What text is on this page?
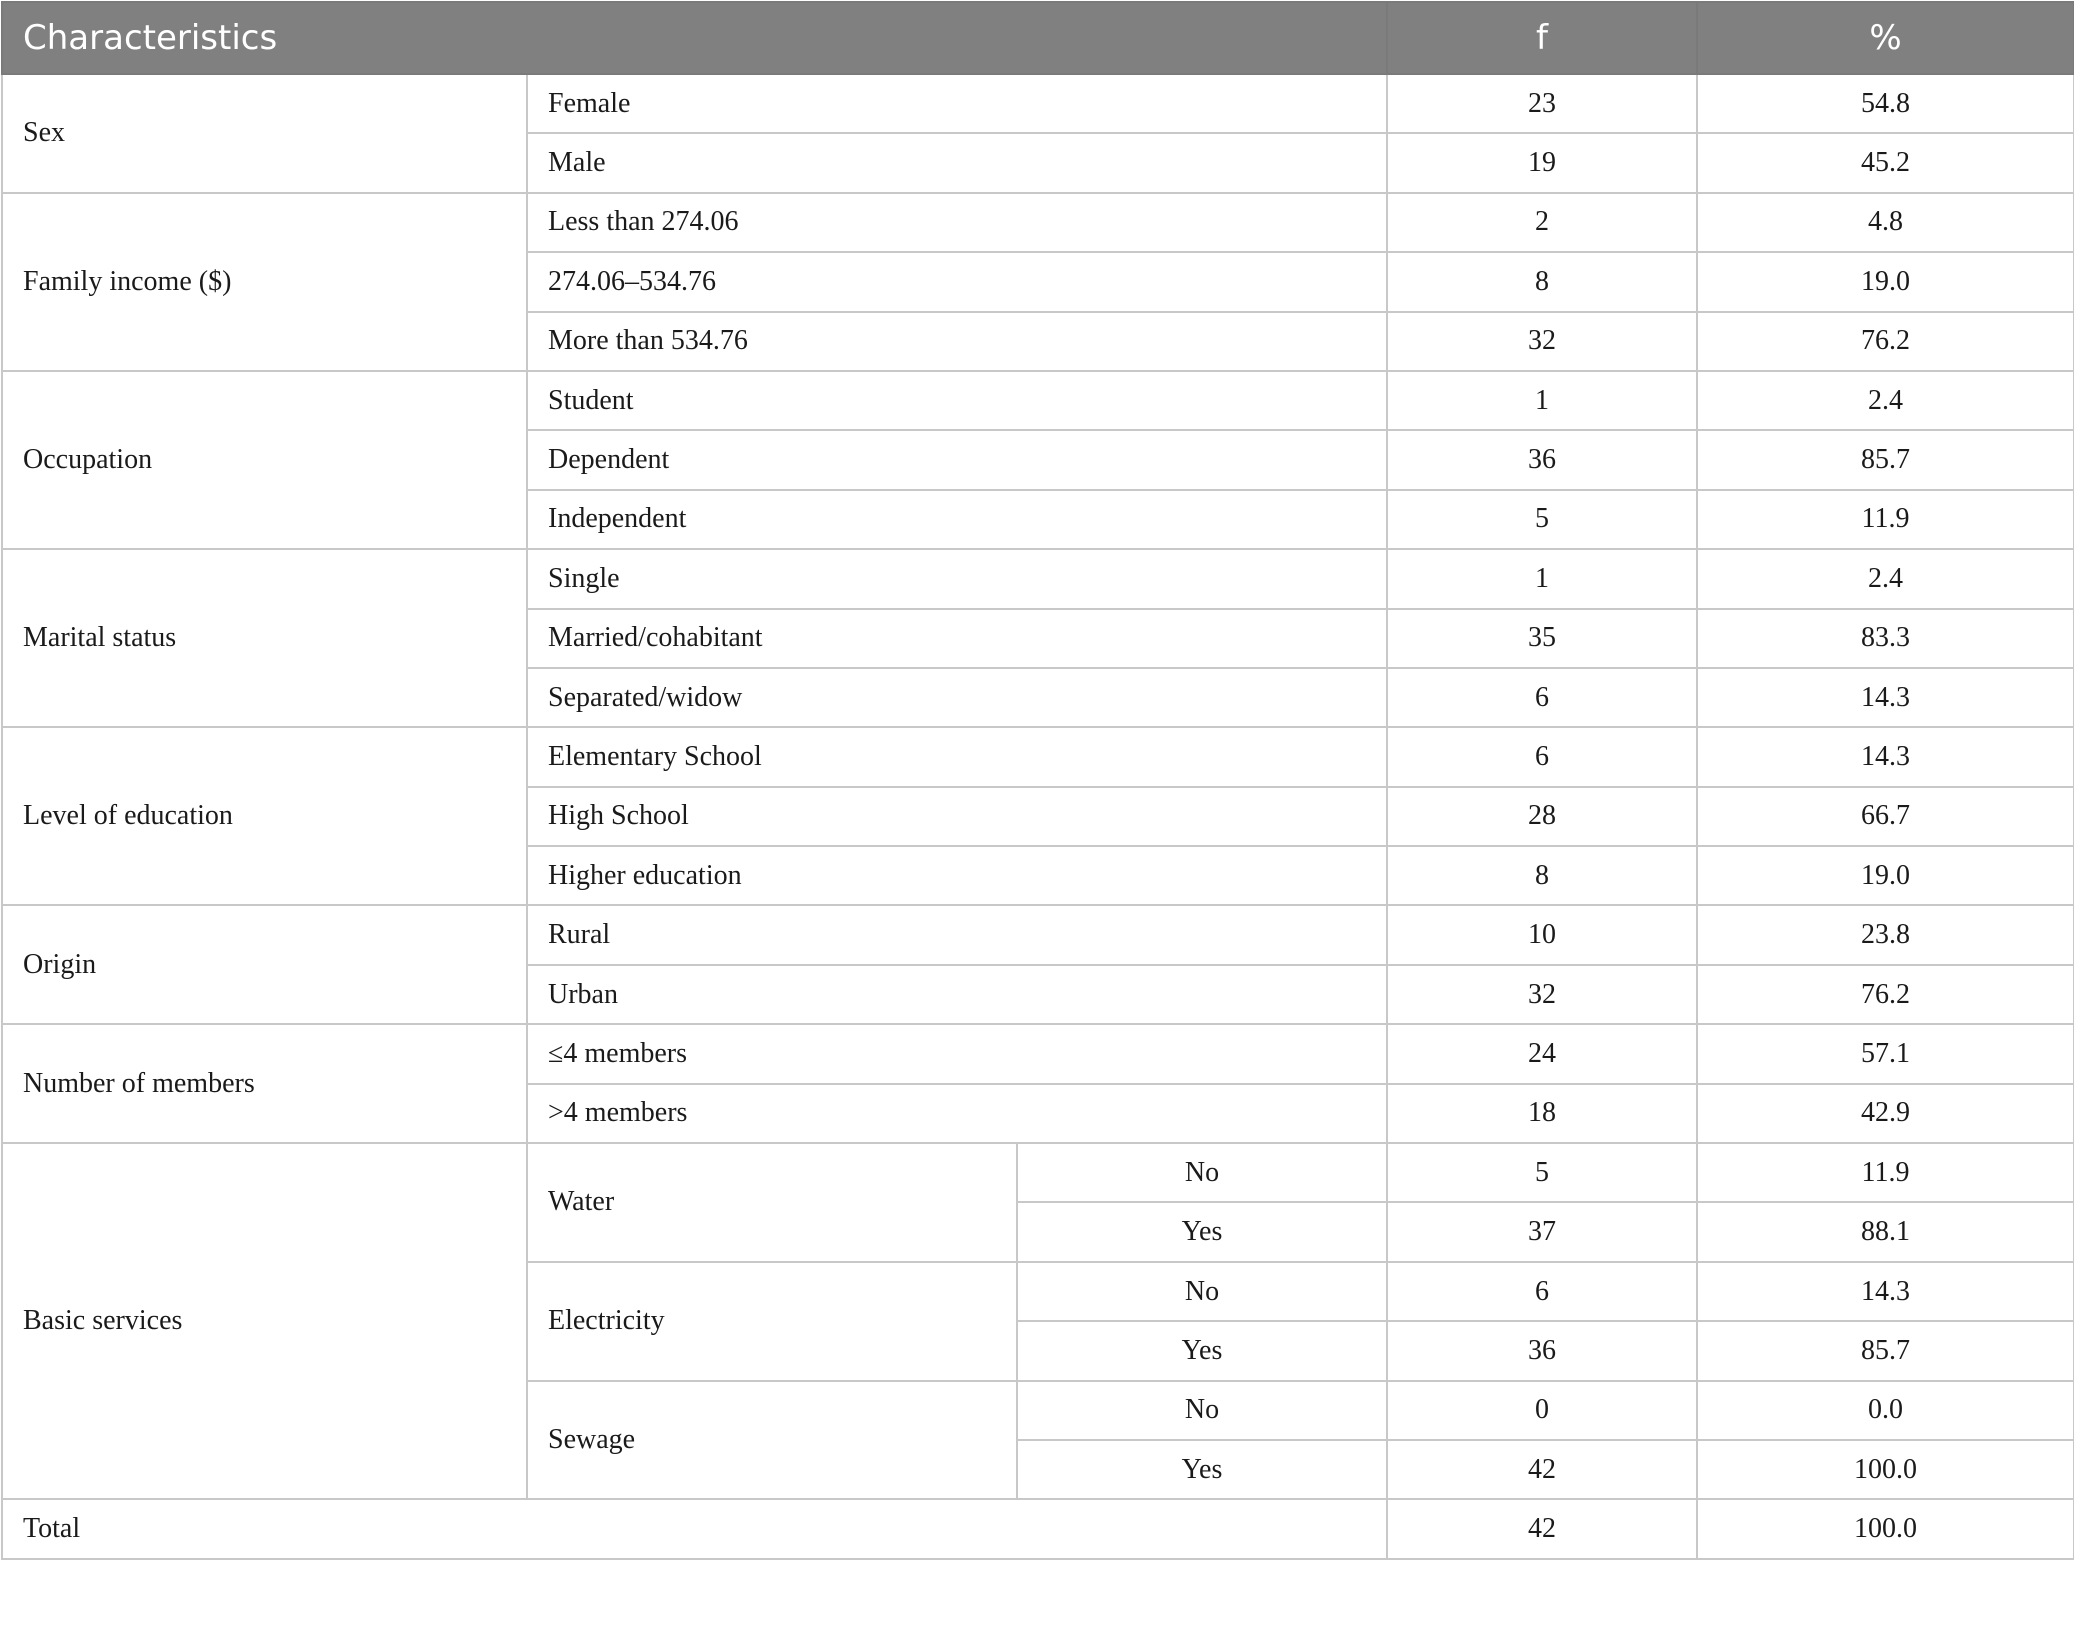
Characteristics			f	%
Sex	Female		23	54.8
	Male		19	45.2
Family income ($)	Less than 274.06		2	4.8
	274.06–534.76		8	19.0
	More than 534.76		32	76.2
Occupation	Student		1	2.4
	Dependent		36	85.7
	Independent		5	11.9
Marital status	Single		1	2.4
	Married/cohabitant		35	83.3
	Separated/widow		6	14.3
Level of education	Elementary School		6	14.3
	High School		28	66.7
	Higher education		8	19.0
Origin	Rural		10	23.8
	Urban		32	76.2
Number of members	≤4 members		24	57.1
	>4 members		18	42.9
Basic services	Water	No	5	11.9
		Yes	37	88.1
	Electricity	No	6	14.3
		Yes	36	85.7
	Sewage	No	0	0.0
		Yes	42	100.0
Total			42	100.0
